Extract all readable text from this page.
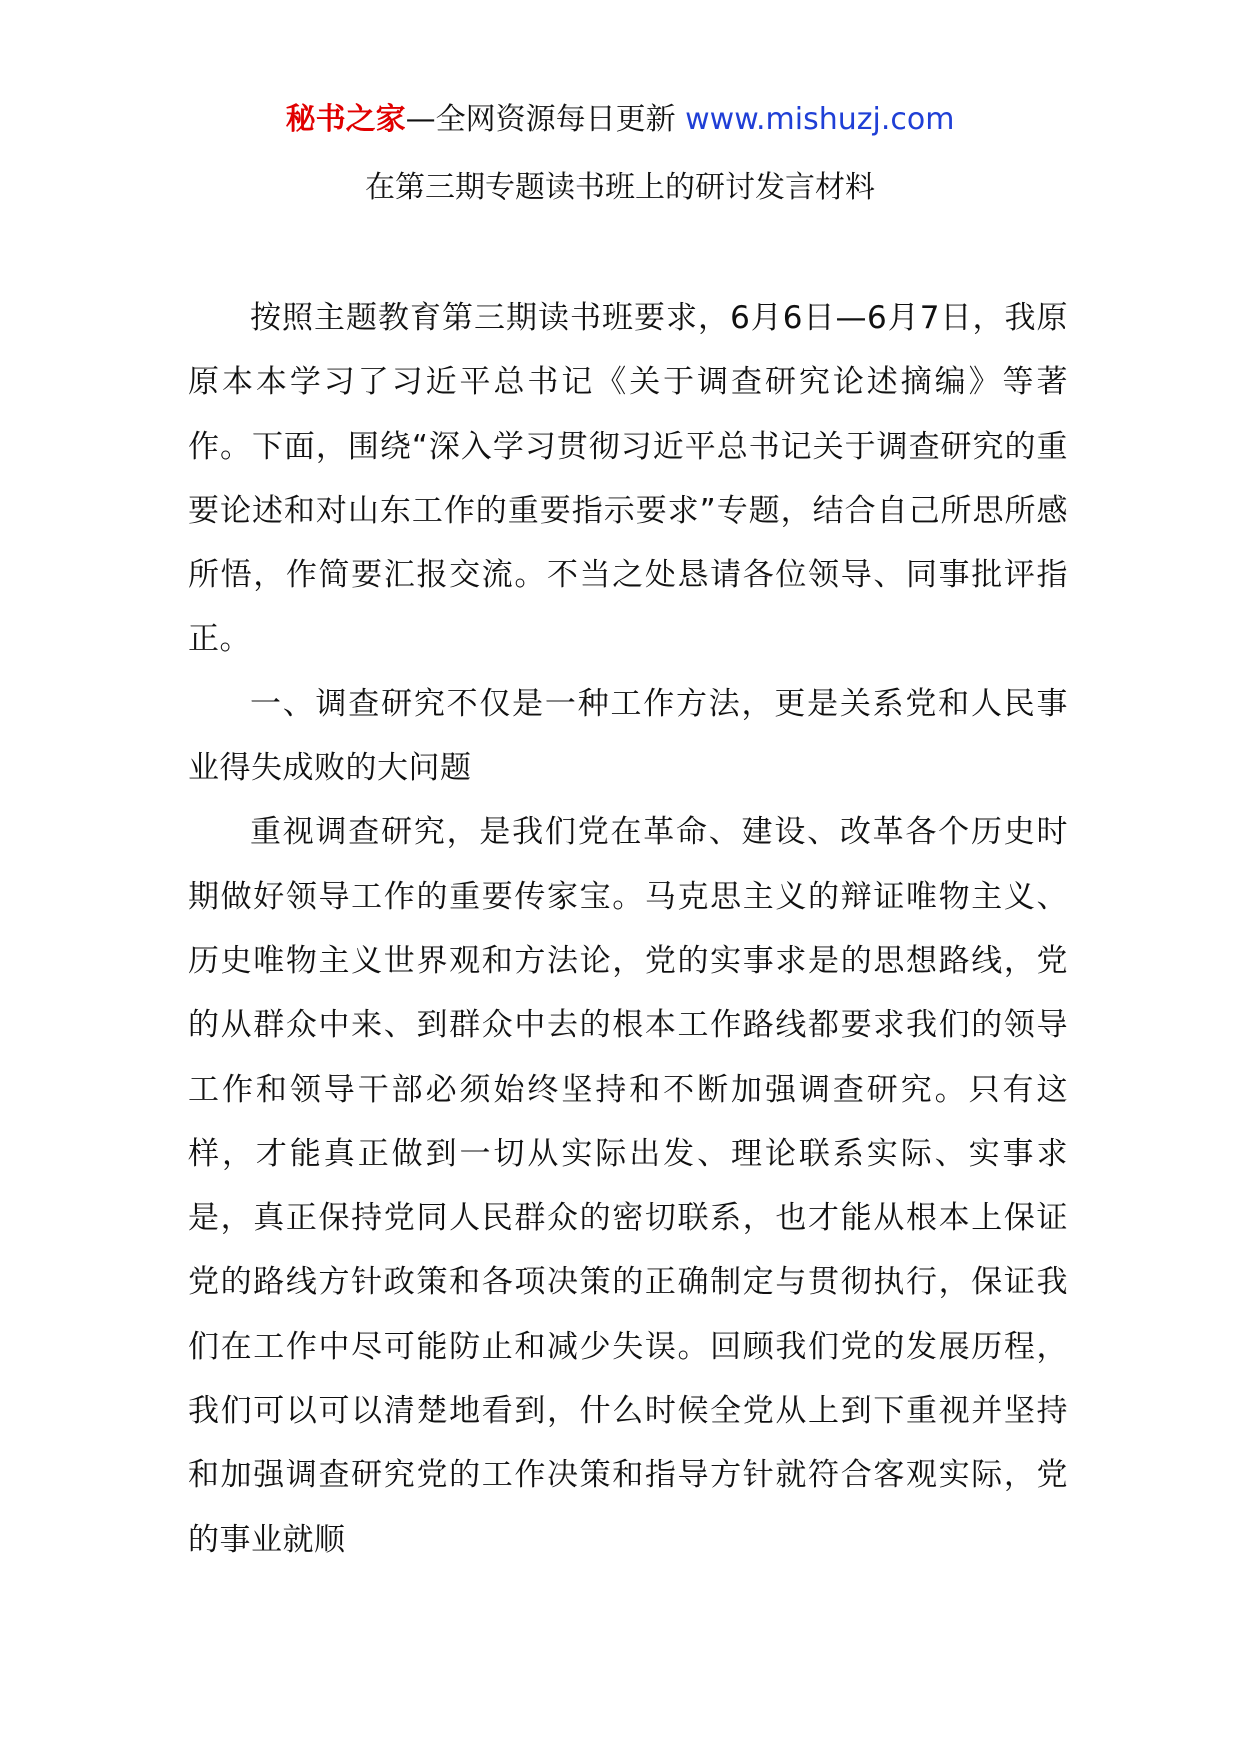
秘书之家—全网资源每日更新 www.mishuzj.com
在第三期专题读书班上的研讨发言材料

按照主题教育第三期读书班要求，6月6日—6月7日，我原原本本学习了习近平总书记《关于调查研究论述摘编》等著作。下面，围绕“深入学习贯彻习近平总书记关于调查研究的重要论述和对山东工作的重要指示要求”专题，结合自己所思所感所悟，作简要汇报交流。不当之处恳请各位领导、同事批评指正。

一、调查研究不仅是一种工作方法，更是关系党和人民事业得失成败的大问题

重视调查研究，是我们党在革命、建设、改革各个历史时期做好领导工作的重要传家宝。马克思主义的辩证唯物主义、历史唯物主义世界观和方法论，党的实事求是的思想路线，党的从群众中来、到群众中去的根本工作路线都要求我们的领导工作和领导干部必须始终坚持和不断加强调查研究。只有这样，才能真正做到一切从实际出发、理论联系实际、实事求是，真正保持党同人民群众的密切联系，也才能从根本上保证党的路线方针政策和各项决策的正确制定与贯彻执行，保证我们在工作中尽可能防止和减少失误。回顾我们党的发展历程，我们可以可以清楚地看到，什么时候全党从上到下重视并坚持和加强调查研究党的工作决策和指导方针就符合客观实际，党的事业就顺
